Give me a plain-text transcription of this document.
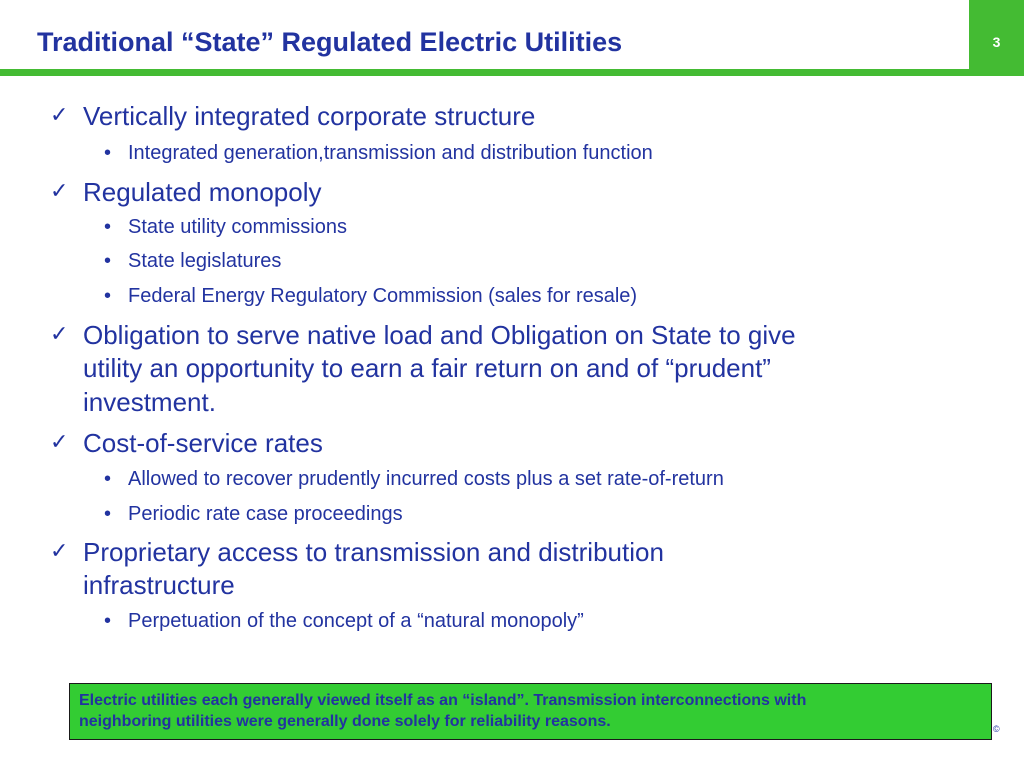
Traditional “State” Regulated Electric Utilities	3
✓ Vertically integrated corporate structure
• Integrated generation,transmission and distribution function
✓ Regulated monopoly
• State utility commissions
• State legislatures
• Federal Energy Regulatory Commission (sales for resale)
✓ Obligation to serve native load and Obligation on State to give
utility an opportunity to earn a fair return on and of “prudent”
investment.
✓ Cost-of-service rates
• Allowed to recover prudently incurred costs plus a set rate-of-return
• Periodic rate case proceedings
✓ Proprietary access to transmission and distribution
infrastructure
• Perpetuation of the concept of a “natural monopoly”
Electric utilities each generally viewed itself as an “island”. Transmission interconnections with
neighboring utilities were generally done solely for reliability reasons.	©
